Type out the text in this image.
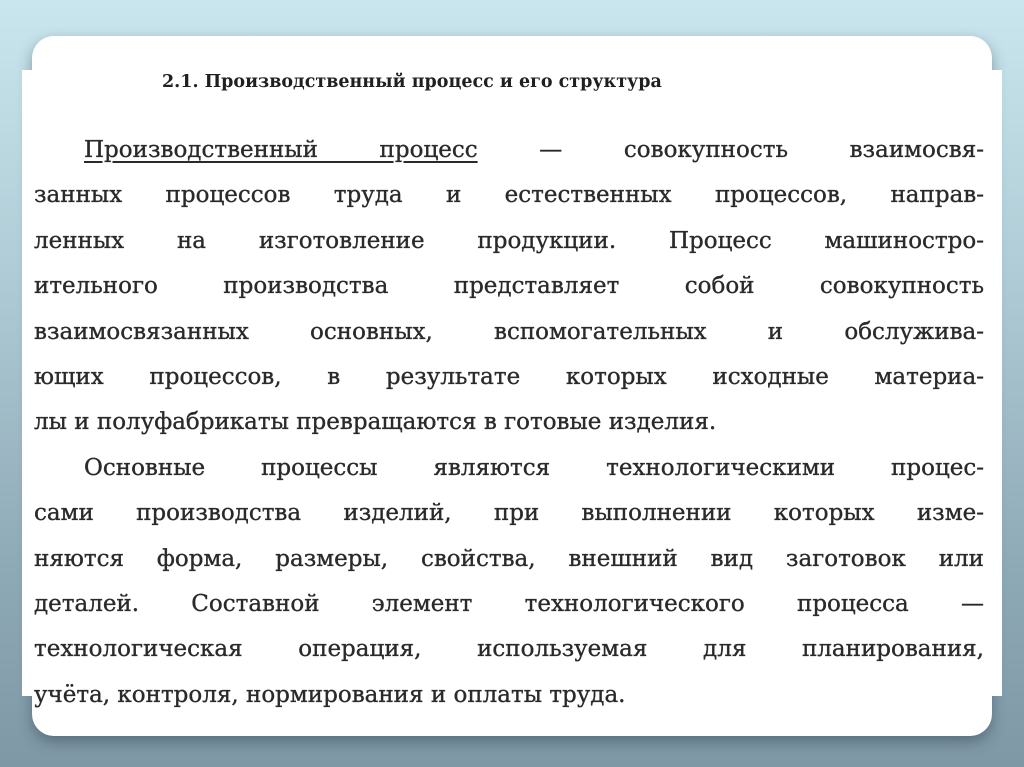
2.1. Производственный процесс и его структура
Производственный процесс — совокупность взаимосвя-
занных процессов труда и естественных процессов, направ-
ленных на изготовление продукции. Процесс машиностро-
ительного производства представляет собой совокупность
взаимосвязанных основных, вспомогательных и обслужива-
ющих процессов, в результате которых исходные материа-
лы и полуфабрикаты превращаются в готовые изделия.
Основные процессы являются технологическими процес-
сами производства изделий, при выполнении которых изме-
няются форма, размеры, свойства, внешний вид заготовок или
деталей. Составной элемент технологического процесса —
технологическая операция, используемая для планирования,
учёта, контроля, нормирования и оплаты труда.
